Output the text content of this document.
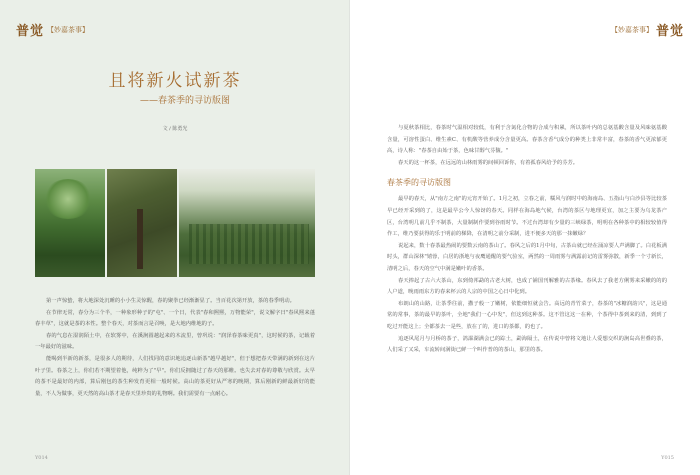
普觉 【妙嘉茶事】
且将新火试新茶
——春茶季的寻访版图
文 / 陈勇光

第一声惊蛰，将大地深处沉睡的小小生灵惊醒，春的聚拳已经渐渐显了。当百花次第开放，茶的春季明动。

在节律无常，春分为三个半，一种象形种子的"屯"、一个日，代表"春和熙熙，万物能荣"，说文解字曰"春风熙来蓬春丰草"，这就是茶的本性。整个春天，对茶而言是召唤，是大地内维地的子。

春的气息在湿润陌土中，在软雾中，在溪涧圆越起来的木流里，曾巩说："润泽春茶味更真"，这时候的茶，记载着一年最好的滋味。

能喝到半新的新茶，是很多人的期待，人们找同的意识地追逐山新茶"越早越好"，但于想把春天带满的新到在这片叶子里。春茶之上，你们若不期望着他，纯粹为了"早"。你们反拥随过了春天的那帷。也失去对春的尊敬与欣赏。太早的茶不是最好的内部，算后刚包的茶生种发育更相一般时候。高山的茶更好从严寒的晚期，算后刚新的鲜最新好的能量，不人为做事，更天然的高山茶才是春天里珍贵的礼物啊。我们需要有一点耐心。

Y014
【妙嘉茶事】 普觉
Y015

与夏秋茶相比，春茶时气温相对较低，有利于含氮化合物的合成与积累，所以茶叶内的总氨基酸含量及风味氨基酸含量，可溶性蛋白、维生素C、有机酸等营养成分含量更高。春茶含香气成分的种类上非常丰富，春茶的香气更浓郁更高，诗人称："春茶自由始于茶，色味甘醇气芬馥。"

春天的这一杯茶，在远远的山林雨雾的间顿回诉你，有着孤春风给予的芬芳。

春茶季的寻访版图

最早的春天，从"南方之南"的元宵开始了。1月之初，立春之前，糯风与润时中的海南岛、五指山与白沙县等比较茶早已经开采到的了，这是最早公今人惊讶的春天。同样在海岛地气候，台湾的茶区与地理更宜，加之主要为乌龙茶产区，台湾明几前几乎不制茶，大量制制作要到谷雨时节。不过台湾却有少量的三峡绿茶，明明在各种茶中的相较较值得作工，维乃要获得的乐于明前的梯降，在清明之前分采制，进不便多天的那一抹嫩绿？

说起来，数十春茶最热闹的要数云南的茶山了。春风之后的1月中旬，古茶山就已经在涌凉要人声满脚了。白花板满时头，群山深林"嬉蓉，白居的浙地与夜鹰通醒的要气验室，两然的一周雨雾与满露前记的雷雾弥散，新季一个寸新长，清明之后，春天的空气中满是嫩叶的香茶。

春天捧起了古六大茶山，东到倚邦勐的古老大树，也成了铺国刊解雅的古茶缘。春风去了我老方俐雾来采嫩的的的人户道，晚雨雨东方的春来杯云的人宗的中国之心日中化到。

布朗山的山路，让茶季往前，撒子般一了嫩树，依能细恒就会告。高远的青竹菜子，春茶的"冰糖润韵兴"，这是通常的常事，茶的最早的茶叶，全地"我们一心中发"，但这到这种茶。这不管这这一在种，个茶得中茶到来的清，到到了吃过开能这上；全都茶去一是些，放在了的，进口的茶都，的也了。

追逐风尾月与月桥的茶子，鸽瀑湖满会已的踪土，勐海隔土，在传说中曾将文地让人爱想交织的涧岛高世叠的茶，人们采了又采，车流转间满街已鲜一个叫作普的的茶山，那里的茶。
